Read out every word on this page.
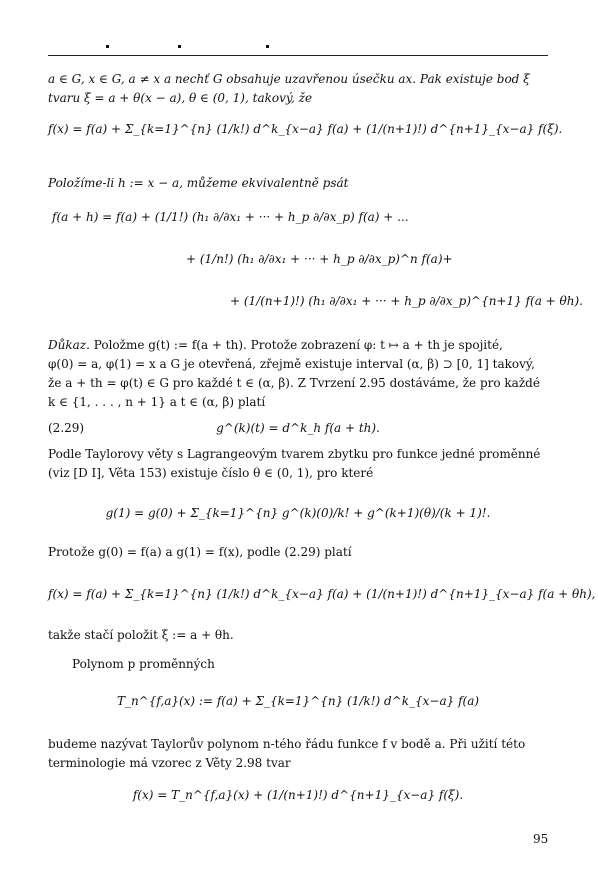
a ∈ G, x ∈ G, a ≠ x a nechť G obsahuje uzavřenou úsečku ax. Pak existuje bod ξ
tvaru ξ = a + θ(x − a), θ ∈ (0, 1), takový, že
f(x) = f(a) + Σ_{k=1}^{n} (1/k!) d^k_{x−a} f(a) + (1/(n+1)!) d^{n+1}_{x−a} f(ξ).
Položíme-li h := x − a, můžeme ekvivalentně psát
f(a + h) = f(a) + (1/1!) (h₁ ∂/∂x₁ + ··· + h_p ∂/∂x_p) f(a) + ...
+ (1/n!) (h₁ ∂/∂x₁ + ··· + h_p ∂/∂x_p)^n f(a)+
+ (1/(n+1)!) (h₁ ∂/∂x₁ + ··· + h_p ∂/∂x_p)^{n+1} f(a + θh).
Důkaz. Položme g(t) := f(a + th). Protože zobrazení φ: t ↦ a + th je spojité,
φ(0) = a, φ(1) = x a G je otevřená, zřejmě existuje interval (α, β) ⊃ [0, 1] takový,
že a + th = φ(t) ∈ G pro každé t ∈ (α, β). Z Tvrzení 2.95 dostáváme, že pro každé
k ∈ {1, . . . , n + 1} a t ∈ (α, β) platí
(2.29)	g^(k)(t) = d^k_h f(a + th).
Podle Taylorovy věty s Lagrangeovým tvarem zbytku pro funkce jedné proměnné
(viz [D I], Věta 153) existuje číslo θ ∈ (0, 1), pro které
g(1) = g(0) + Σ_{k=1}^{n} g^(k)(0)/k! + g^(k+1)(θ)/(k + 1)!.
Protože g(0) = f(a) a g(1) = f(x), podle (2.29) platí
f(x) = f(a) + Σ_{k=1}^{n} (1/k!) d^k_{x−a} f(a) + (1/(n+1)!) d^{n+1}_{x−a} f(a + θh),
takže stačí položit ξ := a + θh.
Polynom p proměnných
T_n^{f,a}(x) := f(a) + Σ_{k=1}^{n} (1/k!) d^k_{x−a} f(a)
budeme nazývat Taylorův polynom n-tého řádu funkce f v bodě a. Při užití této
terminologie má vzorec z Věty 2.98 tvar
f(x) = T_n^{f,a}(x) + (1/(n+1)!) d^{n+1}_{x−a} f(ξ).
95
